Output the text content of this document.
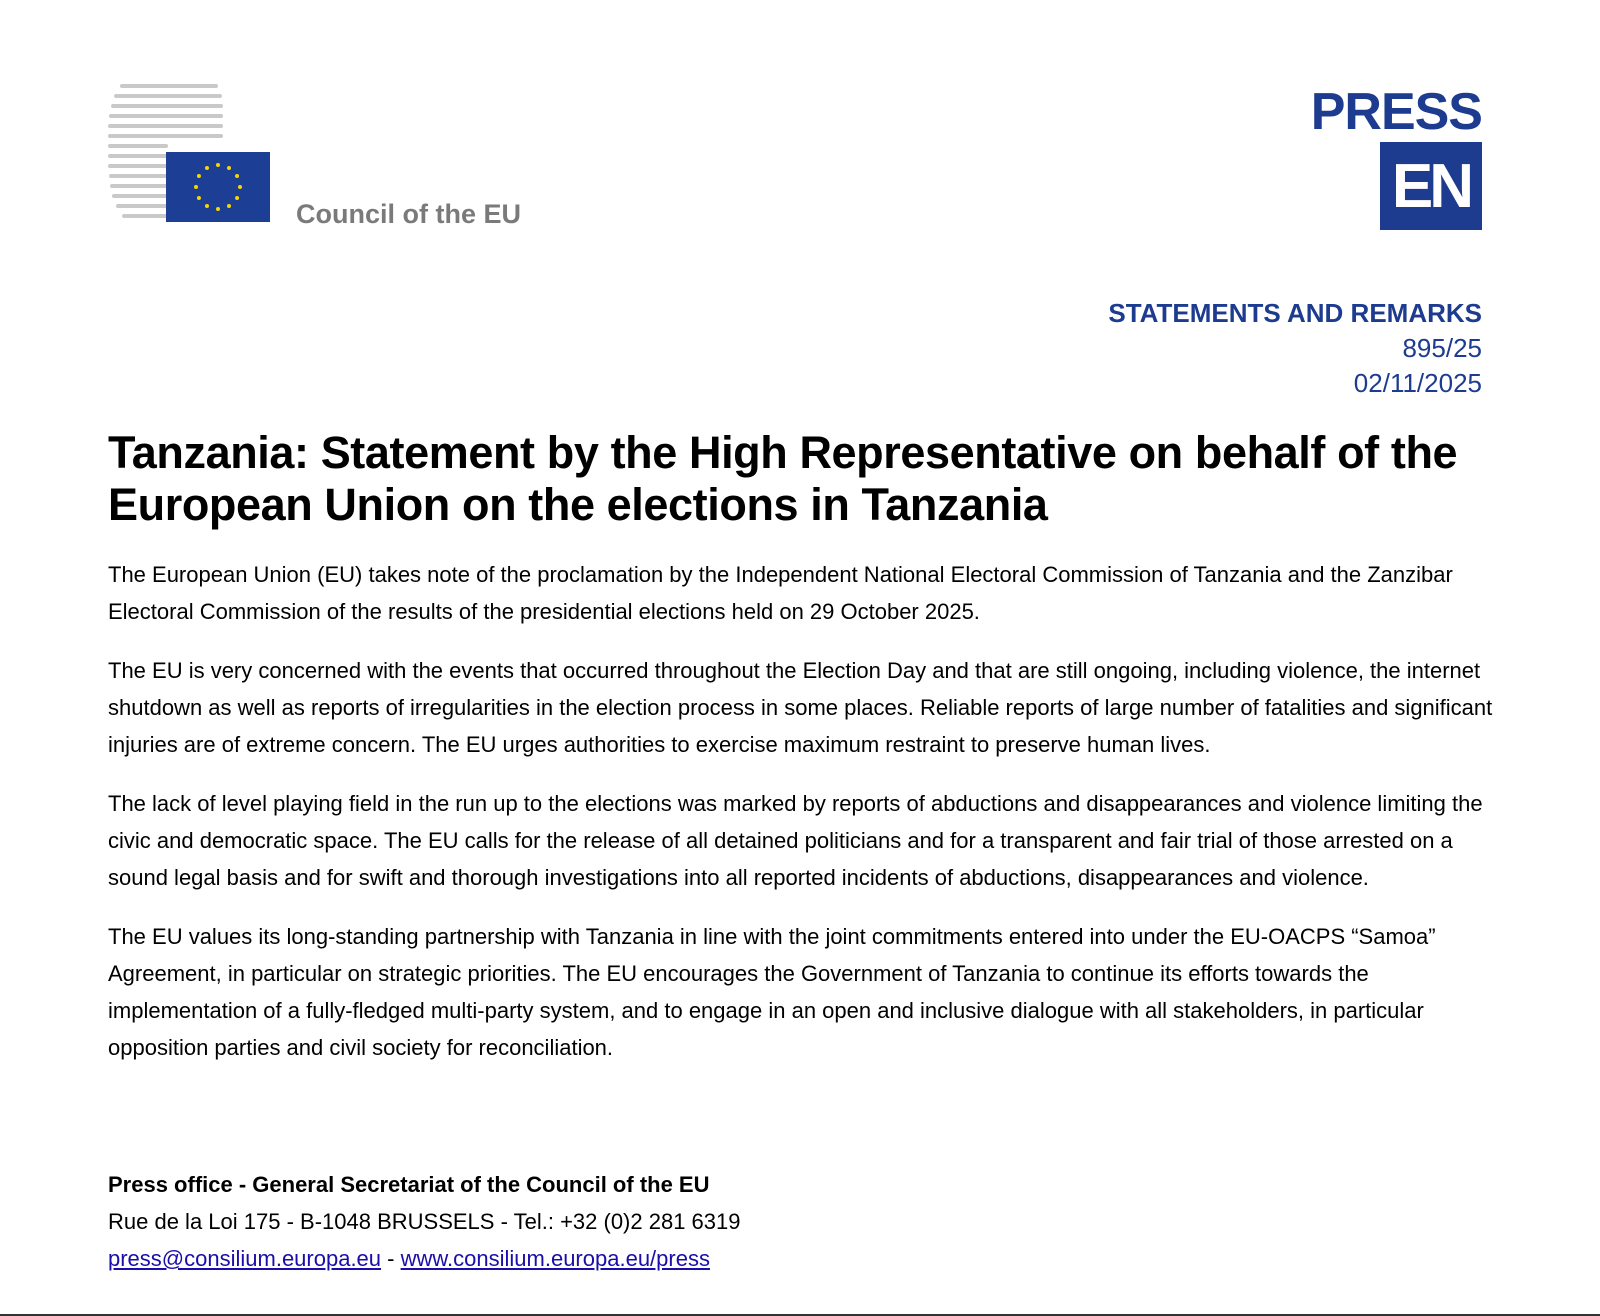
Council of the EU
PRESS
EN
STATEMENTS AND REMARKS
895/25
02/11/2025
Tanzania: Statement by the High Representative on behalf of the European Union on the elections in Tanzania

The European Union (EU) takes note of the proclamation by the Independent National Electoral Commission of Tanzania and the Zanzibar Electoral Commission of the results of the presidential elections held on 29 October 2025.

The EU is very concerned with the events that occurred throughout the Election Day and that are still ongoing, including violence, the internet shutdown as well as reports of irregularities in the election process in some places. Reliable reports of large number of fatalities and significant injuries are of extreme concern. The EU urges authorities to exercise maximum restraint to preserve human lives.

The lack of level playing field in the run up to the elections was marked by reports of abductions and disappearances and violence limiting the civic and democratic space. The EU calls for the release of all detained politicians and for a transparent and fair trial of those arrested on a sound legal basis and for swift and thorough investigations into all reported incidents of abductions, disappearances and violence.

The EU values its long-standing partnership with Tanzania in line with the joint commitments entered into under the EU-OACPS “Samoa” Agreement, in particular on strategic priorities. The EU encourages the Government of Tanzania to continue its efforts towards the implementation of a fully-fledged multi-party system, and to engage in an open and inclusive dialogue with all stakeholders, in particular opposition parties and civil society for reconciliation.

Press office - General Secretariat of the Council of the EU
Rue de la Loi 175 - B-1048 BRUSSELS - Tel.: +32 (0)2 281 6319
press@consilium.europa.eu - www.consilium.europa.eu/press
